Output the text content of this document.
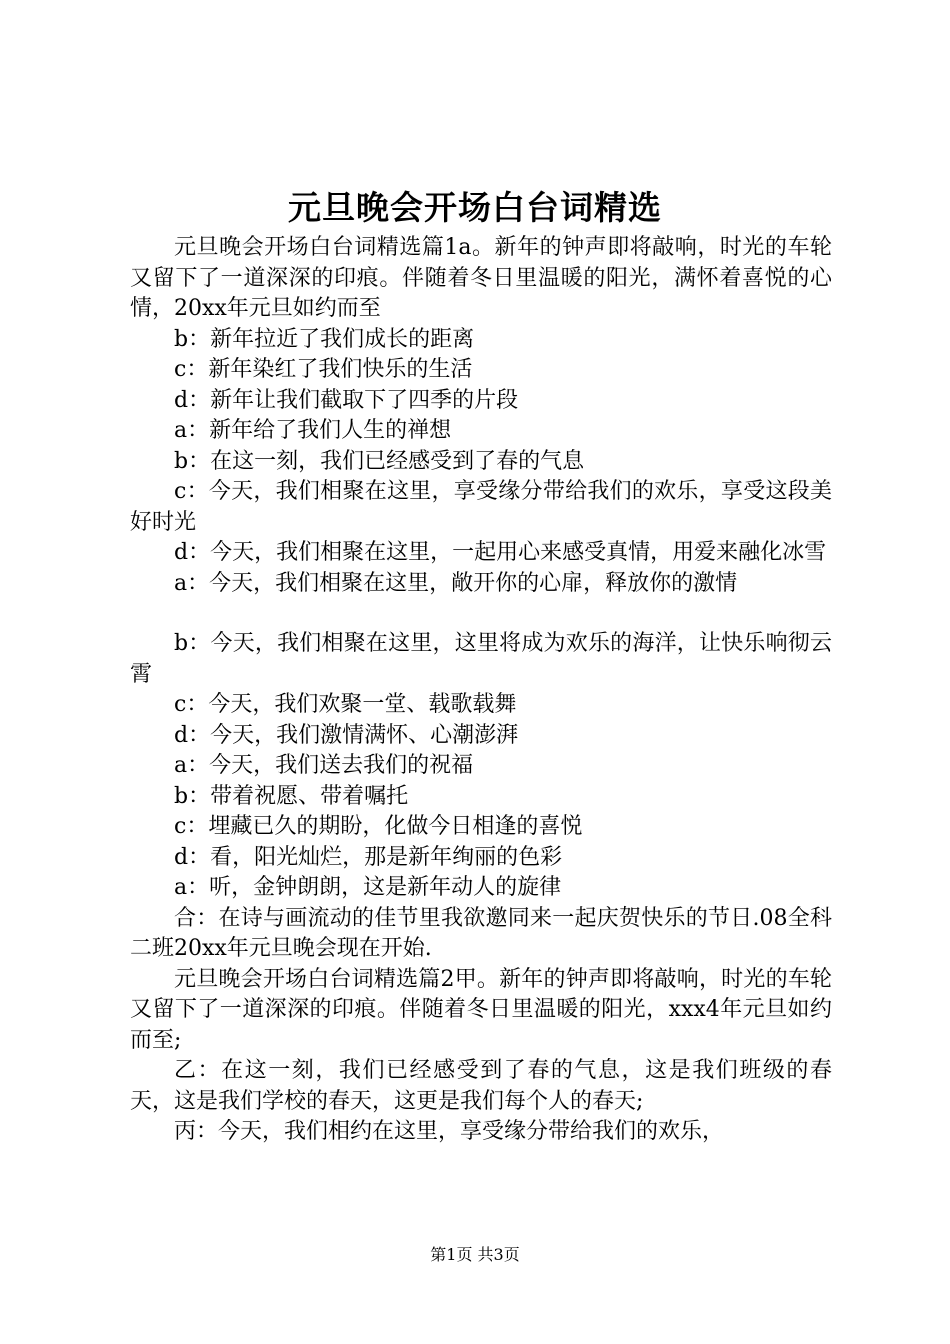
元旦晚会开场白台词精选

元旦晚会开场白台词精选篇1a。新年的钟声即将敲响，时光的车轮又留下了一道深深的印痕。伴随着冬日里温暖的阳光，满怀着喜悦的心情，20xx年元旦如约而至

b：新年拉近了我们成长的距离

c：新年染红了我们快乐的生活

d：新年让我们截取下了四季的片段

a：新年给了我们人生的禅想

b：在这一刻，我们已经感受到了春的气息

c：今天，我们相聚在这里，享受缘分带给我们的欢乐，享受这段美好时光

d：今天，我们相聚在这里，一起用心来感受真情，用爱来融化冰雪

a：今天，我们相聚在这里，敞开你的心扉，释放你的激情

b：今天，我们相聚在这里，这里将成为欢乐的海洋，让快乐响彻云霄

c：今天，我们欢聚一堂、载歌载舞

d：今天，我们激情满怀、心潮澎湃

a：今天，我们送去我们的祝福

b：带着祝愿、带着嘱托

c：埋藏已久的期盼，化做今日相逢的喜悦

d：看，阳光灿烂，那是新年绚丽的色彩

a：听，金钟朗朗，这是新年动人的旋律

合：在诗与画流动的佳节里我欲邀同来一起庆贺快乐的节日.08全科二班20xx年元旦晚会现在开始.

元旦晚会开场白台词精选篇2甲。新年的钟声即将敲响，时光的车轮又留下了一道深深的印痕。伴随着冬日里温暖的阳光，xxx4年元旦如约而至;

乙：在这一刻，我们已经感受到了春的气息，这是我们班级的春天，这是我们学校的春天，这更是我们每个人的春天;

丙：今天，我们相约在这里，享受缘分带给我们的欢乐，

第1页 共3页
